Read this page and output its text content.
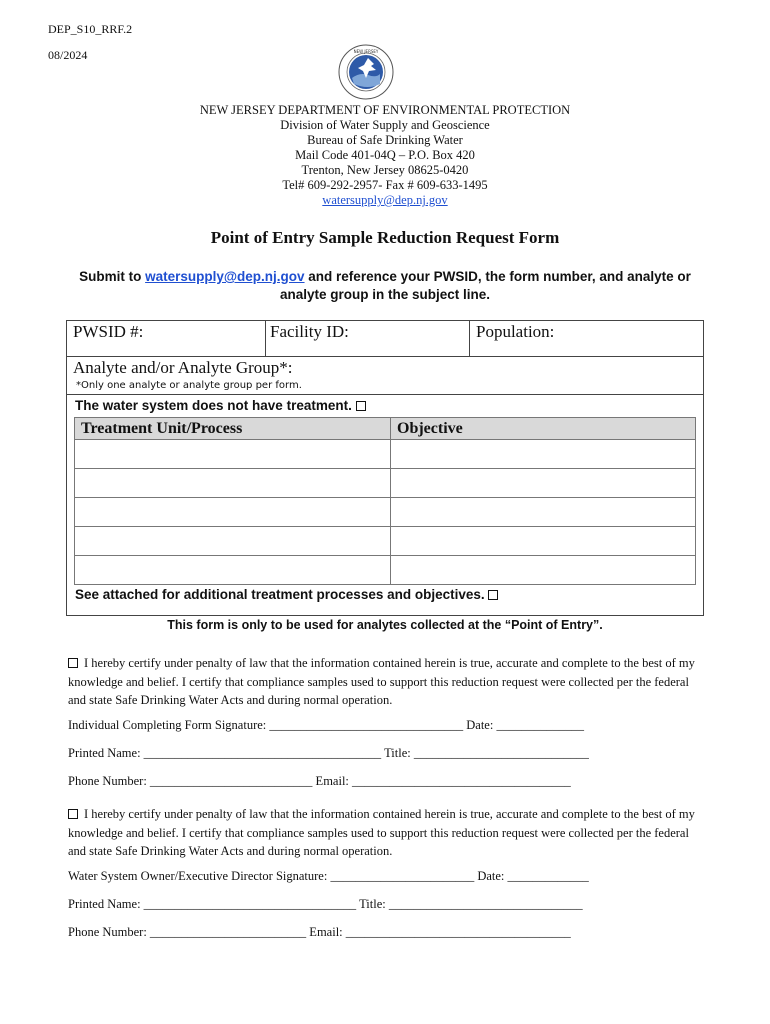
DEP_S10_RRF.2
08/2024	NEW JERSEY
NEW JERSEY DEPARTMENT OF ENVIRONMENTAL PROTECTION
Division of Water Supply and Geoscience
Bureau of Safe Drinking Water
Mail Code 401-04Q – P.O. Box 420
Trenton, New Jersey 08625-0420
Tel# 609-292-2957- Fax # 609-633-1495
watersupply@dep.nj.gov
Point of Entry Sample Reduction Request Form
Submit to watersupply@dep.nj.gov and reference your PWSID, the form number, and analyte or
analyte group in the subject line.
PWSID #:	Facility ID:	Population:
Analyte and/or Analyte Group*:
*Only one analyte or analyte group per form.
The water system does not have treatment.
Treatment Unit/Process	Objective

See attached for additional treatment processes and objectives.
This form is only to be used for analytes collected at the “Point of Entry”.
I hereby certify under penalty of law that the information contained herein is true, accurate and complete to the best of my knowledge and belief. I certify that compliance samples used to support this reduction request were collected per the federal and state Safe Drinking Water Acts and during normal operation.
Individual Completing Form Signature: _______________________________ Date: ______________
Printed Name: ______________________________________ Title: ____________________________
Phone Number: __________________________ Email: ___________________________________
I hereby certify under penalty of law that the information contained herein is true, accurate and complete to the best of my knowledge and belief. I certify that compliance samples used to support this reduction request were collected per the federal and state Safe Drinking Water Acts and during normal operation.
Water System Owner/Executive Director Signature: _______________________ Date: _____________
Printed Name: __________________________________ Title: _______________________________
Phone Number: _________________________ Email: ____________________________________
